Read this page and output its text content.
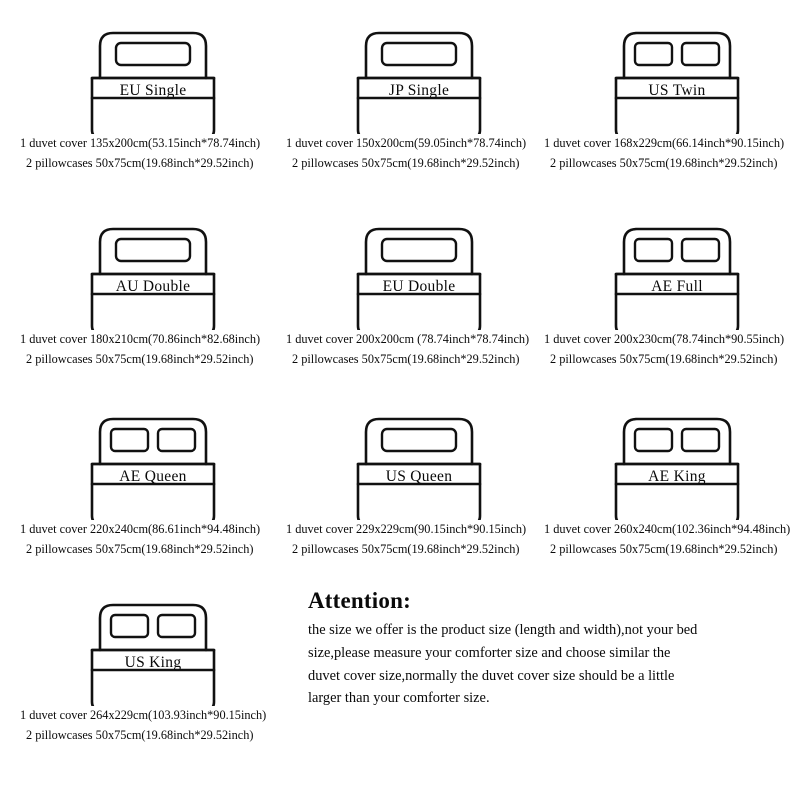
EU Single
1 duvet cover 135x200cm(53.15inch*78.74inch)
2 pillowcases 50x75cm(19.68inch*29.52inch)
JP Single
1 duvet cover 150x200cm(59.05inch*78.74inch)
2 pillowcases 50x75cm(19.68inch*29.52inch)
US Twin
1 duvet cover 168x229cm(66.14inch*90.15inch)
2 pillowcases 50x75cm(19.68inch*29.52inch)
AU Double
1 duvet cover 180x210cm(70.86inch*82.68inch)
2 pillowcases 50x75cm(19.68inch*29.52inch)
EU Double
1 duvet cover 200x200cm (78.74inch*78.74inch)
2 pillowcases 50x75cm(19.68inch*29.52inch)
AE Full
1 duvet cover 200x230cm(78.74inch*90.55inch)
2 pillowcases 50x75cm(19.68inch*29.52inch)
AE Queen
1 duvet cover 220x240cm(86.61inch*94.48inch)
2 pillowcases 50x75cm(19.68inch*29.52inch)
US Queen
1 duvet cover 229x229cm(90.15inch*90.15inch)
2 pillowcases 50x75cm(19.68inch*29.52inch)
AE King
1 duvet cover 260x240cm(102.36inch*94.48inch)
2 pillowcases 50x75cm(19.68inch*29.52inch)
US King
1 duvet cover 264x229cm(103.93inch*90.15inch)
2 pillowcases 50x75cm(19.68inch*29.52inch)
Attention:
the size we offer is the product size (length and width),not your bed
size,please measure your comforter size and choose similar the
duvet cover size,normally the duvet cover size should be a little
larger than your comforter size.
